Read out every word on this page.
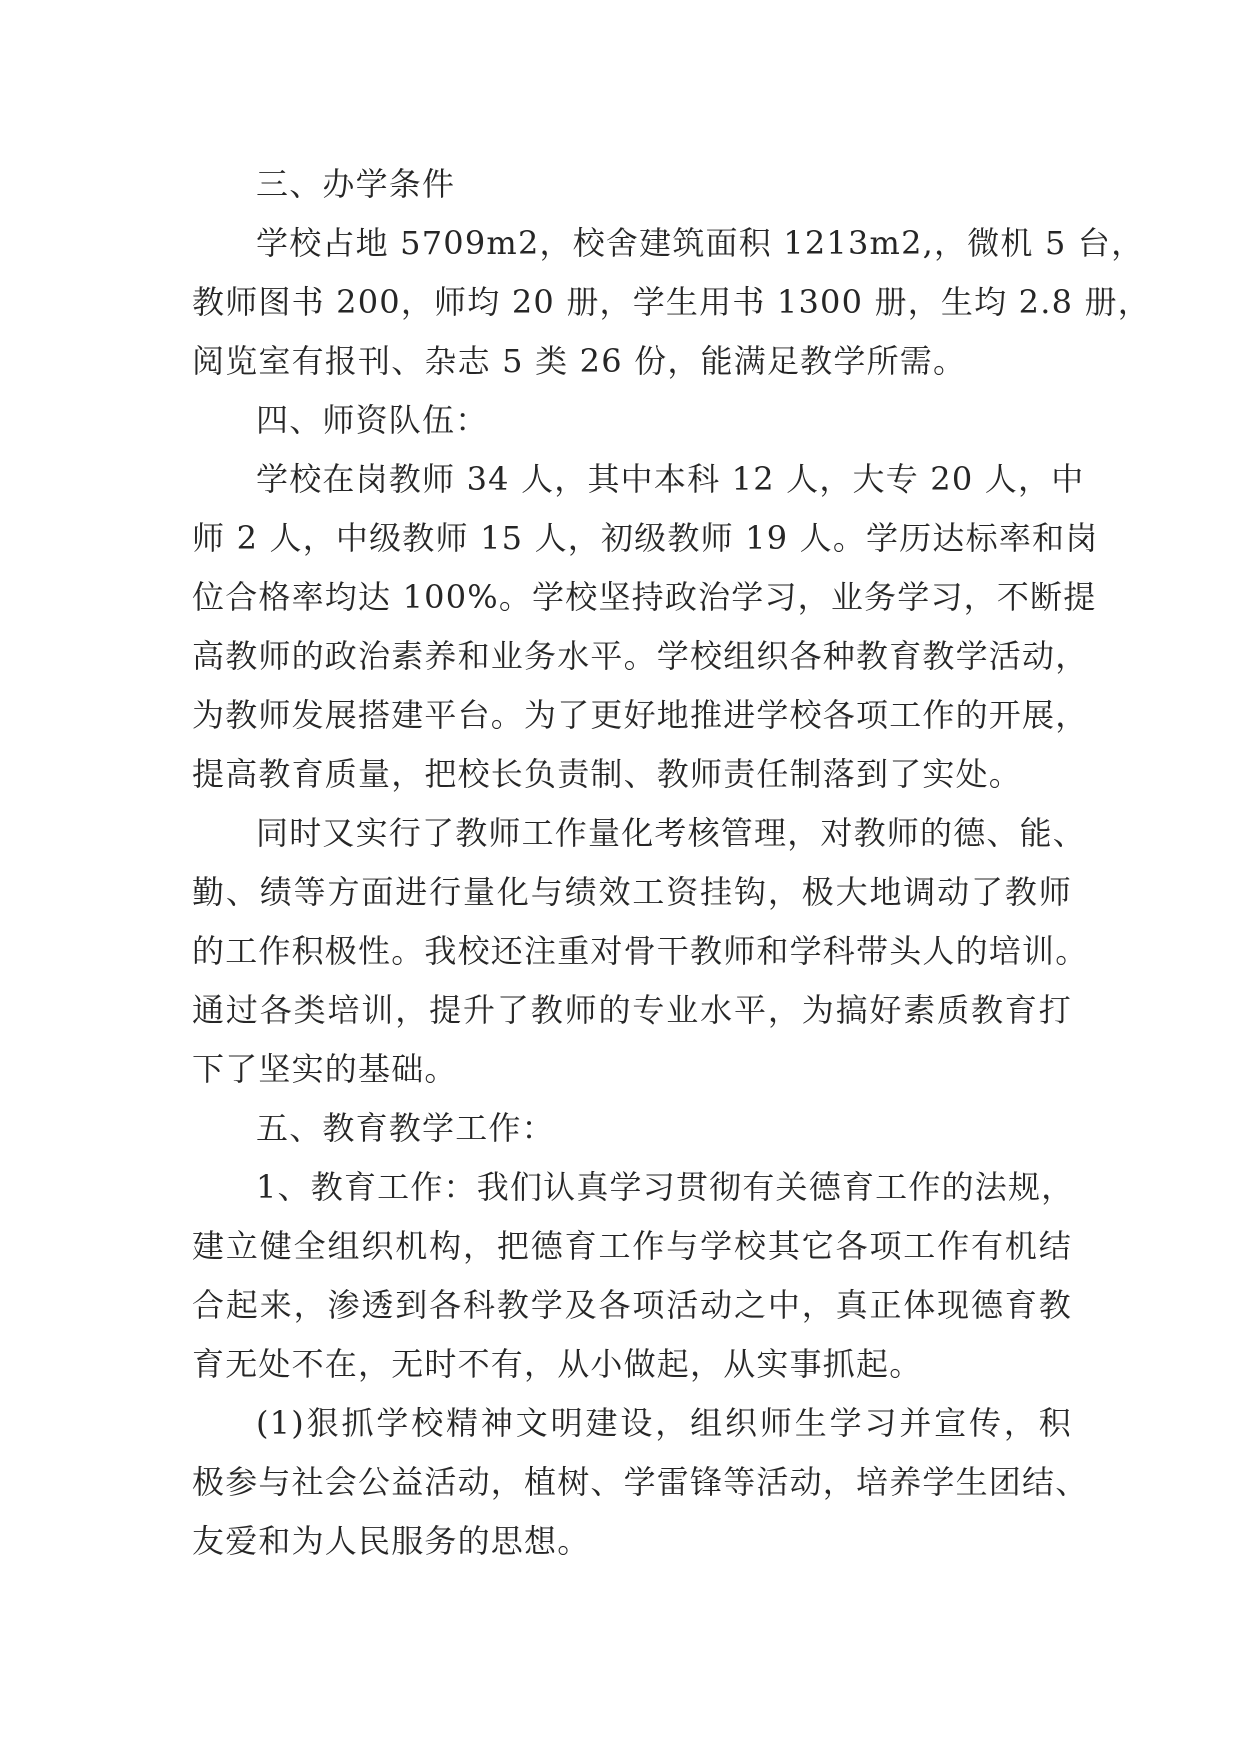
三、办学条件

学校占地 5709m2，校舍建筑面积 1213m2,，微机 5 台，
教师图书 200，师均 20 册，学生用书 1300 册，生均 2.8 册，
阅览室有报刊、杂志 5 类 26 份，能满足教学所需。

四、师资队伍：

学校在岗教师 34 人，其中本科 12 人，大专 20 人，中
师 2 人，中级教师 15 人，初级教师 19 人。学历达标率和岗
位合格率均达 100%。学校坚持政治学习，业务学习，不断提
高教师的政治素养和业务水平。学校组织各种教育教学活动，
为教师发展搭建平台。为了更好地推进学校各项工作的开展，
提高教育质量，把校长负责制、教师责任制落到了实处。

同时又实行了教师工作量化考核管理，对教师的德、能、
勤、绩等方面进行量化与绩效工资挂钩，极大地调动了教师
的工作积极性。我校还注重对骨干教师和学科带头人的培训。
通过各类培训，提升了教师的专业水平，为搞好素质教育打
下了坚实的基础。

五、教育教学工作：

1、教育工作：我们认真学习贯彻有关德育工作的法规，
建立健全组织机构，把德育工作与学校其它各项工作有机结
合起来，渗透到各科教学及各项活动之中，真正体现德育教
育无处不在，无时不有，从小做起，从实事抓起。

(1)狠抓学校精神文明建设，组织师生学习并宣传，积
极参与社会公益活动，植树、学雷锋等活动，培养学生团结、
友爱和为人民服务的思想。
